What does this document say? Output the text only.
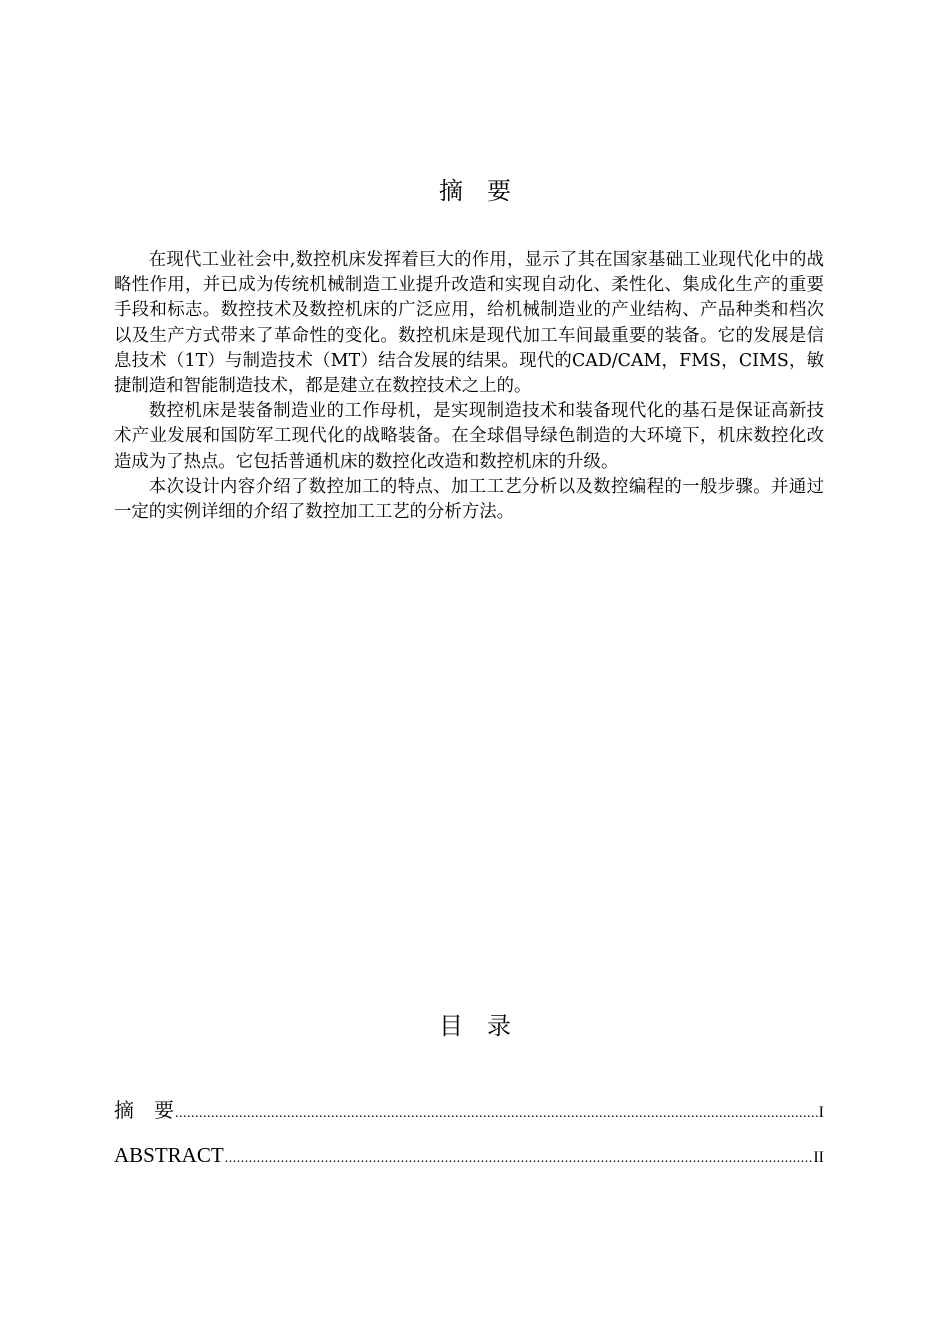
摘　要

在现代工业社会中,数控机床发挥着巨大的作用，显示了其在国家基础工业现代化中的战略性作用，并已成为传统机械制造工业提升改造和实现自动化、柔性化、集成化生产的重要手段和标志。数控技术及数控机床的广泛应用，给机械制造业的产业结构、产品种类和档次以及生产方式带来了革命性的变化。数控机床是现代加工车间最重要的装备。它的发展是信息技术（1T）与制造技术（MT）结合发展的结果。现代的CAD/CAM，FMS，CIMS，敏捷制造和智能制造技术，都是建立在数控技术之上的。

数控机床是装备制造业的工作母机，是实现制造技术和装备现代化的基石是保证高新技术产业发展和国防军工现代化的战略装备。在全球倡导绿色制造的大环境下，机床数控化改造成为了热点。它包括普通机床的数控化改造和数控机床的升级。

本次设计内容介绍了数控加工的特点、加工工艺分析以及数控编程的一般步骤。并通过一定的实例详细的介绍了数控加工工艺的分析方法。

目　录
摘　要 .....	I
ABSTRACT .....	II
